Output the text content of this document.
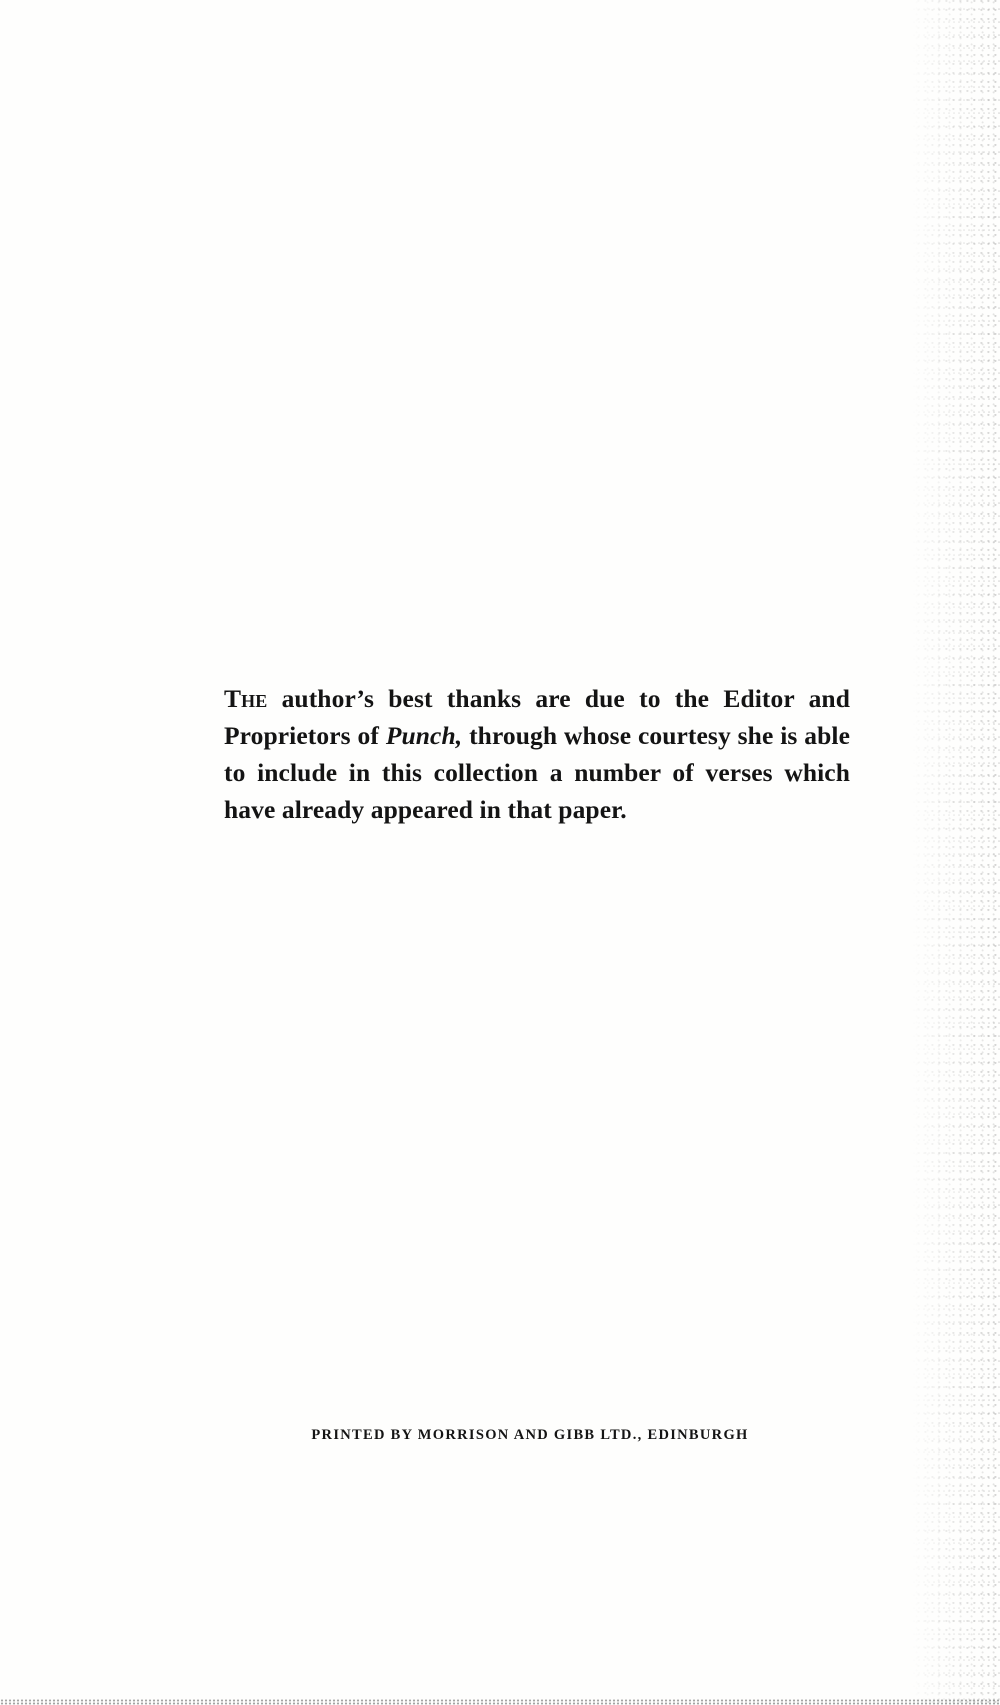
The author’s best thanks are due to the Editor and Proprietors of Punch, through whose courtesy she is able to include in this collection a number of verses which have already appeared in that paper.

PRINTED BY MORRISON AND GIBB LTD., EDINBURGH
